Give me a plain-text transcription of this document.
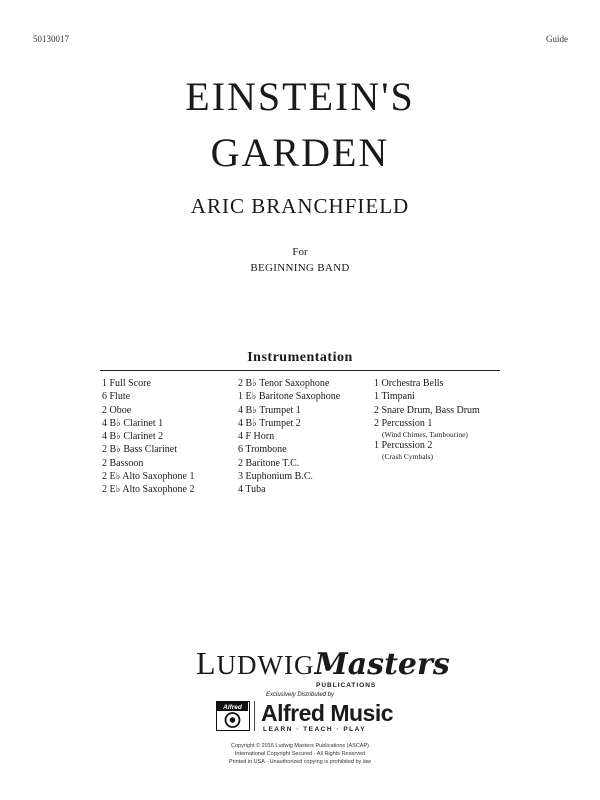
50130017	Guide
EINSTEIN'S
GARDEN
ARIC BRANCHFIELD
For
BEGINNING BAND
Instrumentation
1 Full Score
6 Flute
2 Oboe
4 B♭ Clarinet 1
4 B♭ Clarinet 2
2 B♭ Bass Clarinet
2 Bassoon
2 E♭ Alto Saxophone 1
2 E♭ Alto Saxophone 2
2 B♭ Tenor Saxophone
1 E♭ Baritone Saxophone
4 B♭ Trumpet 1
4 B♭ Trumpet 2
4 F Horn
6 Trombone
2 Baritone T.C.
3 Euphonium B.C.
4 Tuba
1 Orchestra Bells
1 Timpani
2 Snare Drum, Bass Drum
2 Percussion 1
(Wind Chimes, Tambourine)
1 Percussion 2
(Crash Cymbals)
LUDWIGMasters
PUBLICATIONS
Exclusively Distributed by
Alfred Alfred Music
LEARN · TEACH · PLAY
Copyright © 2016 Ludwig Masters Publications (ASCAP)
International Copyright Secured · All Rights Reserved
Printed in USA · Unauthorized copying is prohibited by law
